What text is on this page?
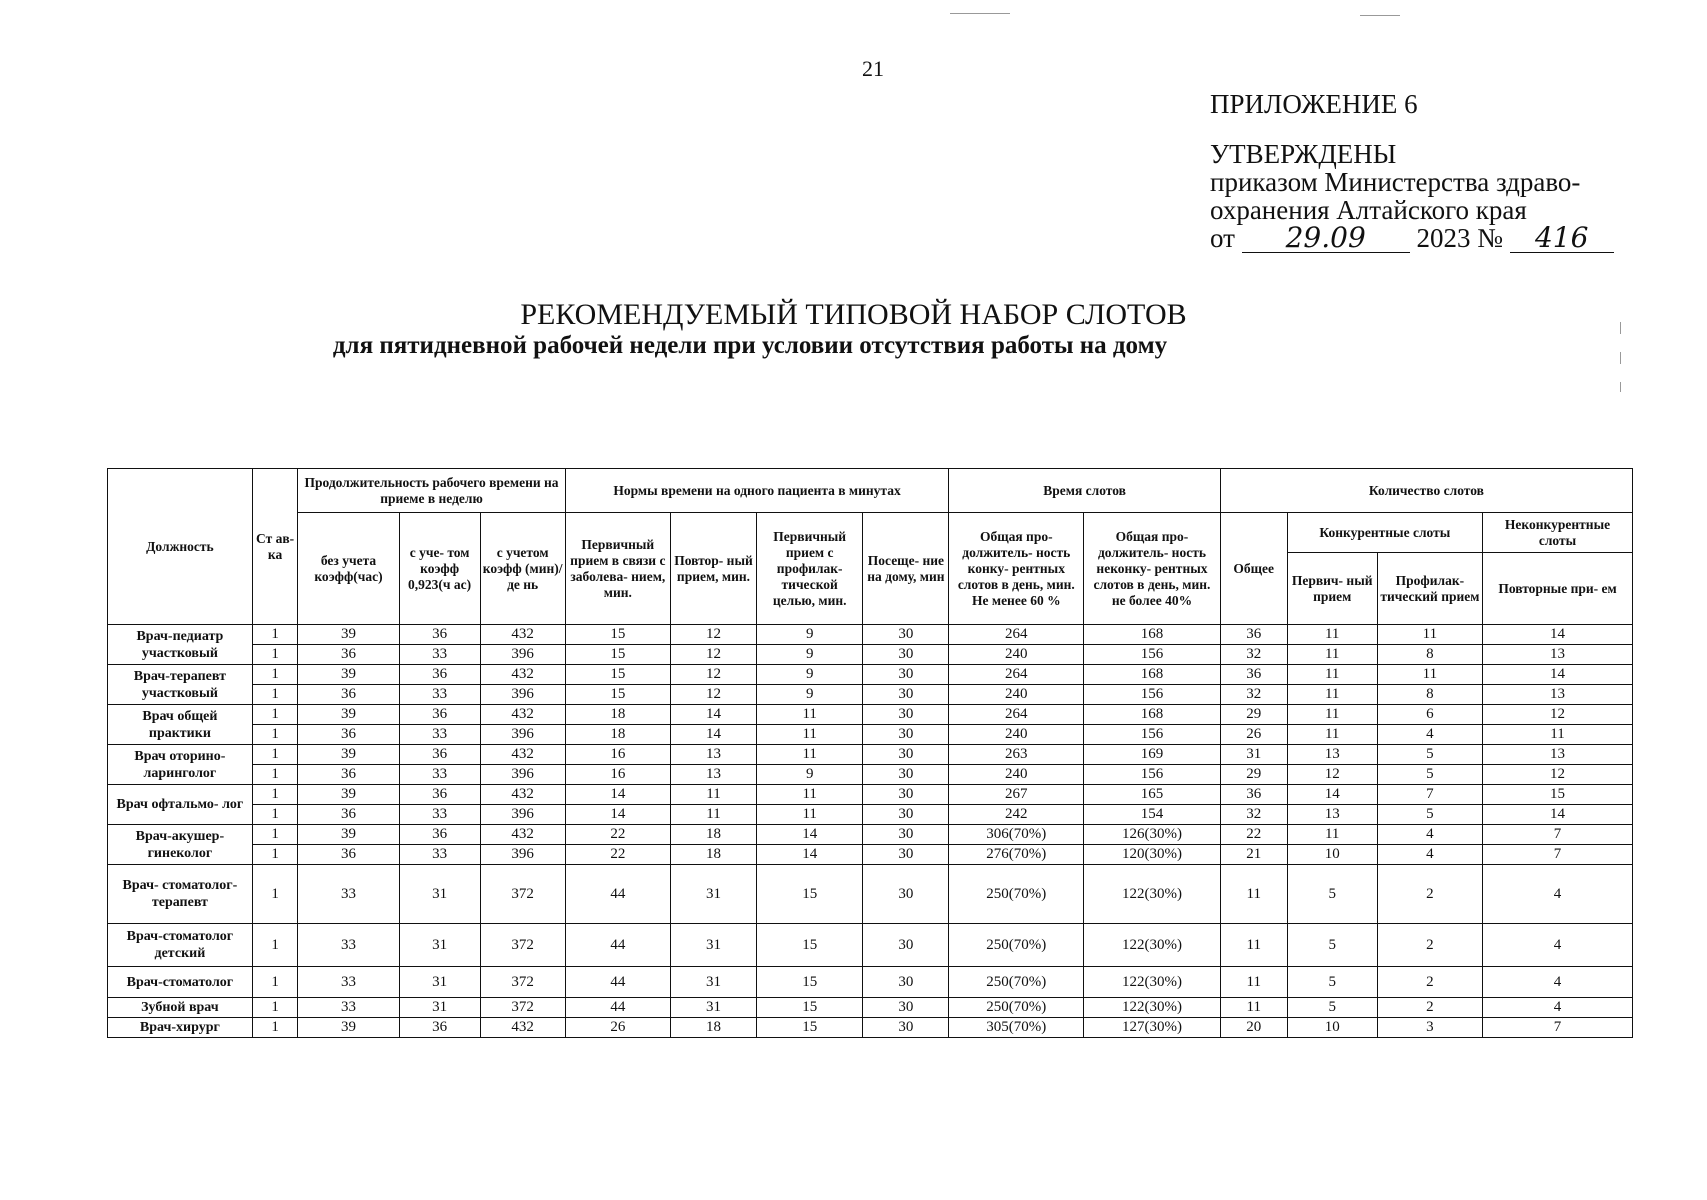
21
ПРИЛОЖЕНИЕ 6
УТВЕРЖДЕНЫ
приказом Министерства здраво-
охранения Алтайского края
от 29.09 2023 № 416
РЕКОМЕНДУЕМЫЙ ТИПОВОЙ НАБОР СЛОТОВ
для пятидневной рабочей недели при условии отсутствия работы на дому
Должность	Ст ав- ка	Продолжительность рабочего времени на приеме в неделю			Нормы времени на одного пациента в минутах				Время слотов		Количество слотов			
		без учета коэфф(час)	с уче- том коэфф 0,923(ч ас)	с учетом коэфф (мин)/де нь	Первичный прием в связи с заболева- нием, мин.	Повтор- ный прием, мин.	Первичный прием с профилак- тической целью, мин.	Посеще- ние на дому, мин	Общая про- должитель- ность конку- рентных слотов в день, мин. Не менее 60 %	Общая про- должитель- ность неконку- рентных слотов в день, мин. не более 40%	Общее	Конкурентные слоты		Неконкурентные слоты
												Первич- ный прием	Профилак- тический прием	Повторные при- ем
Врач-педиатр участковый	1	39	36	432	15	12	9	30	264	168	36	11	11	14
	1	36	33	396	15	12	9	30	240	156	32	11	8	13
Врач-терапевт участковый	1	39	36	432	15	12	9	30	264	168	36	11	11	14
	1	36	33	396	15	12	9	30	240	156	32	11	8	13
Врач общей практики	1	39	36	432	18	14	11	30	264	168	29	11	6	12
	1	36	33	396	18	14	11	30	240	156	26	11	4	11
Врач оторино- ларинголог	1	39	36	432	16	13	11	30	263	169	31	13	5	13
	1	36	33	396	16	13	9	30	240	156	29	12	5	12
Врач офтальмо- лог	1	39	36	432	14	11	11	30	267	165	36	14	7	15
	1	36	33	396	14	11	11	30	242	154	32	13	5	14
Врач-акушер- гинеколог	1	39	36	432	22	18	14	30	306(70%)	126(30%)	22	11	4	7
	1	36	33	396	22	18	14	30	276(70%)	120(30%)	21	10	4	7
Врач- стоматолог- терапевт	1	33	31	372	44	31	15	30	250(70%)	122(30%)	11	5	2	4
Врач-стоматолог детский	1	33	31	372	44	31	15	30	250(70%)	122(30%)	11	5	2	4
Врач-стоматолог	1	33	31	372	44	31	15	30	250(70%)	122(30%)	11	5	2	4
Зубной врач	1	33	31	372	44	31	15	30	250(70%)	122(30%)	11	5	2	4
Врач-хирург	1	39	36	432	26	18	15	30	305(70%)	127(30%)	20	10	3	7
